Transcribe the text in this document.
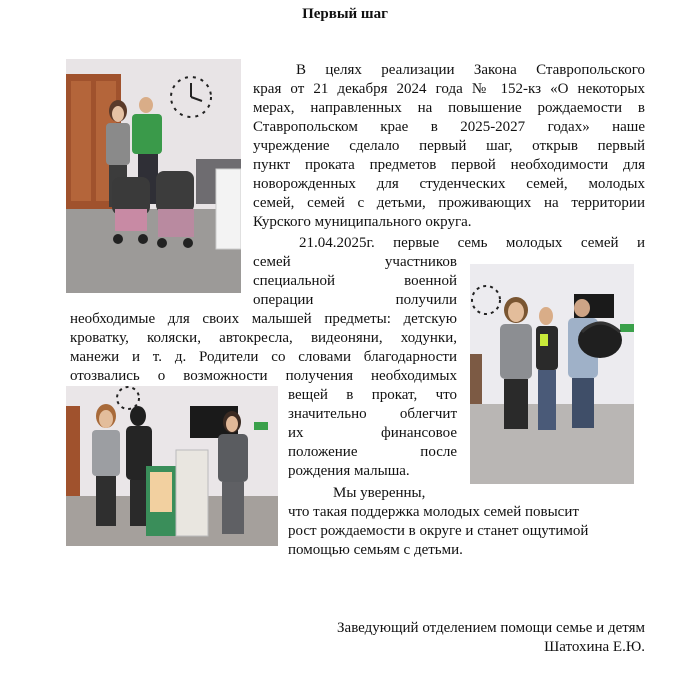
Первый шаг
В целях реализации Закона Ставропольского
края от 21 декабря 2024 года № 152-кз «О некоторых
мерах, направленных на повышение рождаемости в
Ставропольском крае в 2025-2027 годах» наше
учреждение сделало первый шаг, открыв первый
пункт проката предметов первой необходимости для
новорожденных для студенческих семей, молодых
семей, семей с детьми, проживающих на территории
Курского муниципального округа.
21.04.2025г. первые семь молодых семей и
семей участников
специальной военной
операции получили
необходимые для своих малышей предметы: детскую
кроватку, коляски, автокресла, видеоняни, ходунки,
манежи и т. д. Родители со словами благодарности
отозвались о возможности получения необходимых
вещей в прокат, что
значительно облегчит
их финансовое
положение после
рождения малыша.
Мы уверенны,
что такая поддержка молодых семей повысит
рост рождаемости в округе и станет ощутимой
помощью семьям с детьми.
Заведующий отделением помощи семье и детям
Шатохина Е.Ю.
